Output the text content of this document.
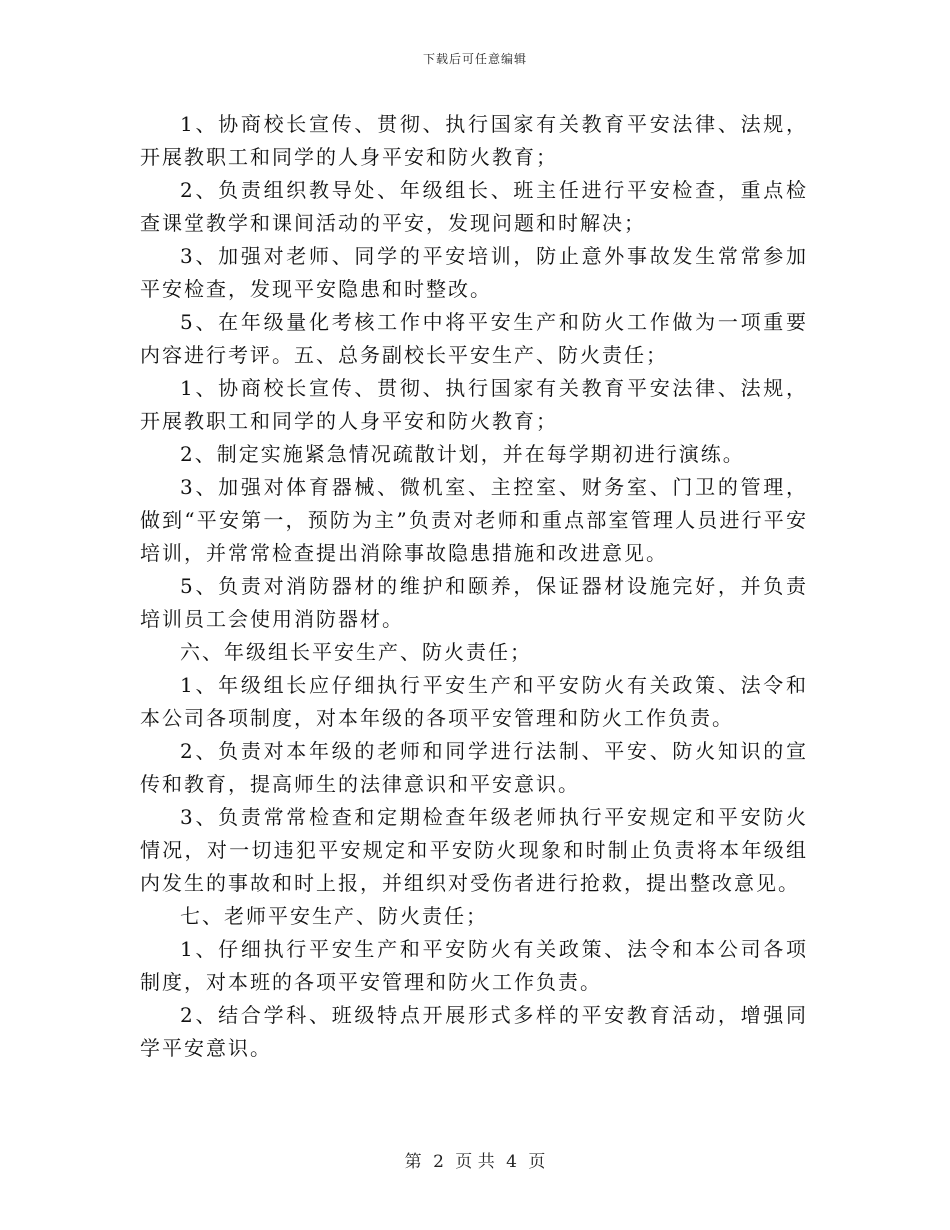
下载后可任意编辑

1、协商校长宣传、贯彻、执行国家有关教育平安法律、法规，开展教职工和同学的人身平安和防火教育；

2、负责组织教导处、年级组长、班主任进行平安检查，重点检查课堂教学和课间活动的平安，发现问题和时解决；

3、加强对老师、同学的平安培训，防止意外事故发生常常参加平安检查，发现平安隐患和时整改。

5、在年级量化考核工作中将平安生产和防火工作做为一项重要内容进行考评。五、总务副校长平安生产、防火责任；

1、协商校长宣传、贯彻、执行国家有关教育平安法律、法规，开展教职工和同学的人身平安和防火教育；

2、制定实施紧急情况疏散计划，并在每学期初进行演练。

3、加强对体育器械、微机室、主控室、财务室、门卫的管理，做到“平安第一，预防为主”负责对老师和重点部室管理人员进行平安培训，并常常检查提出消除事故隐患措施和改进意见。

5、负责对消防器材的维护和颐养，保证器材设施完好，并负责培训员工会使用消防器材。

六、年级组长平安生产、防火责任；

1、年级组长应仔细执行平安生产和平安防火有关政策、法令和本公司各项制度，对本年级的各项平安管理和防火工作负责。

2、负责对本年级的老师和同学进行法制、平安、防火知识的宣传和教育，提高师生的法律意识和平安意识。

3、负责常常检查和定期检查年级老师执行平安规定和平安防火情况，对一切违犯平安规定和平安防火现象和时制止负责将本年级组内发生的事故和时上报，并组织对受伤者进行抢救，提出整改意见。

七、老师平安生产、防火责任；

1、仔细执行平安生产和平安防火有关政策、法令和本公司各项制度，对本班的各项平安管理和防火工作负责。

2、结合学科、班级特点开展形式多样的平安教育活动，增强同学平安意识。

第 2 页 共 4 页
